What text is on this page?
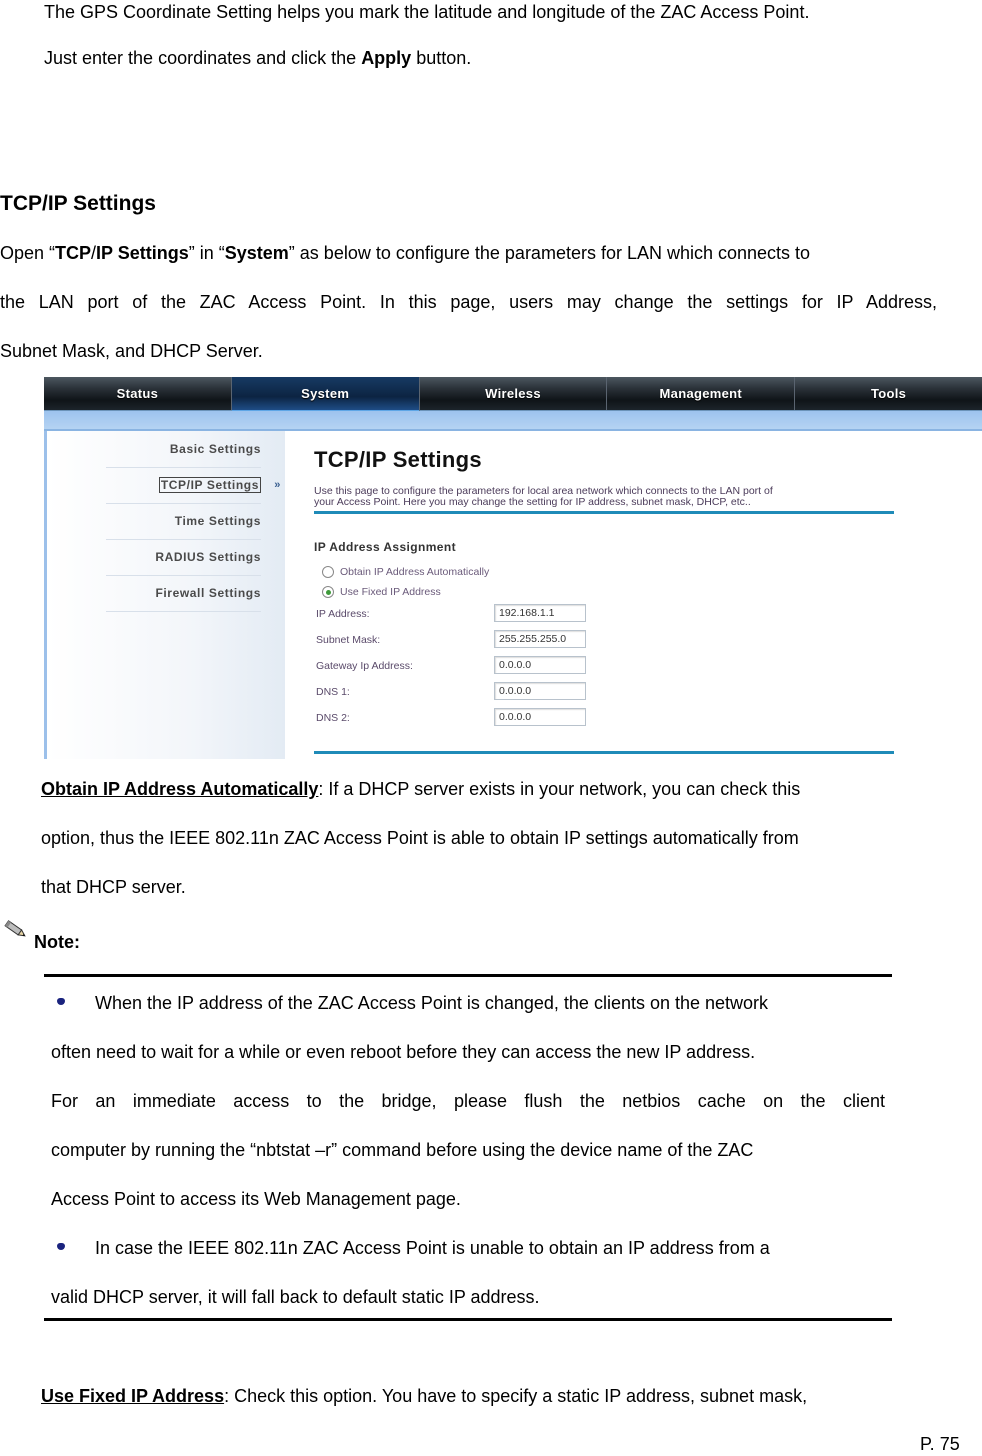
The GPS Coordinate Setting helps you mark the latitude and longitude of the ZAC Access Point.
Just enter the coordinates and click the Apply button.
TCP/IP Settings
Open “TCP/IP Settings” in “System” as below to configure the parameters for LAN which connects to
the LAN port of the ZAC Access Point. In this page, users may change the settings for IP Address,
Subnet Mask, and DHCP Server.
Status	System	Wireless	Management	Tools
Basic Settings
TCP/IP Settings »
Time Settings
RADIUS Settings
Firewall Settings
TCP/IP Settings
Use this page to configure the parameters for local area network which connects to the LAN port of
your Access Point. Here you may change the setting for IP address, subnet mask, DHCP, etc..
IP Address Assignment
Obtain IP Address Automatically
Use Fixed IP Address
IP Address:
192.168.1.1
Subnet Mask:
255.255.255.0
Gateway Ip Address:
0.0.0.0
DNS 1:
0.0.0.0
DNS 2:
0.0.0.0
Obtain IP Address Automatically: If a DHCP server exists in your network, you can check this
option, thus the IEEE 802.11n ZAC Access Point is able to obtain IP settings automatically from
that DHCP server.
Note:
When the IP address of the ZAC Access Point is changed, the clients on the network
often need to wait for a while or even reboot before they can access the new IP address.
For an immediate access to the bridge, please flush the netbios cache on the client
computer by running the “nbtstat –r” command before using the device name of the ZAC
Access Point to access its Web Management page.
In case the IEEE 802.11n ZAC Access Point is unable to obtain an IP address from a
valid DHCP server, it will fall back to default static IP address.
Use Fixed IP Address: Check this option. You have to specify a static IP address, subnet mask,
P. 75
